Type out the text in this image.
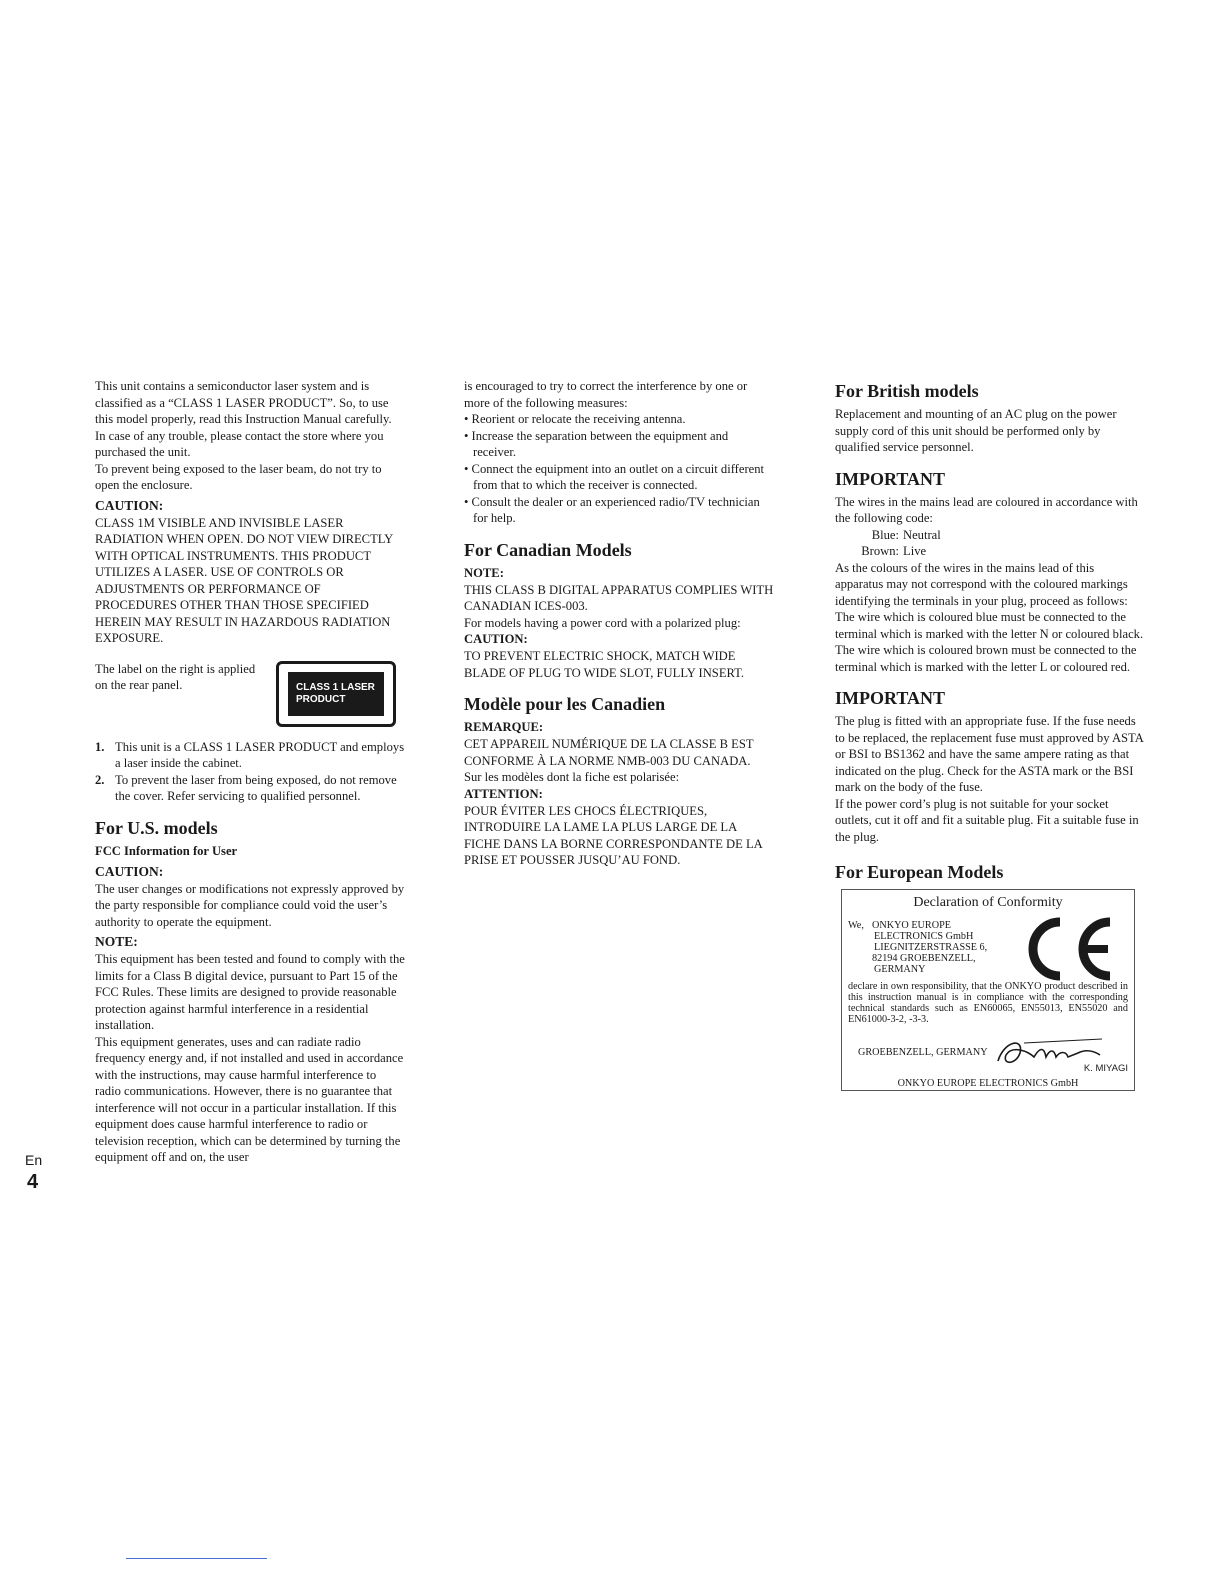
This unit contains a semiconductor laser system and is classified as a “CLASS 1 LASER PRODUCT”. So, to use this model properly, read this Instruction Manual carefully. In case of any trouble, please contact the store where you purchased the unit.

To prevent being exposed to the laser beam, do not try to open the enclosure.

CAUTION:

CLASS 1M VISIBLE AND INVISIBLE LASER RADIATION WHEN OPEN. DO NOT VIEW DIRECTLY WITH OPTICAL INSTRUMENTS. THIS PRODUCT UTILIZES A LASER. USE OF CONTROLS OR ADJUSTMENTS OR PERFORMANCE OF PROCEDURES OTHER THAN THOSE SPECIFIED HEREIN MAY RESULT IN HAZARDOUS RADIATION EXPOSURE.

The label on the right is applied on the rear panel.	CLASS 1 LASER
PRODUCT
1. This unit is a CLASS 1 LASER PRODUCT and employs a laser inside the cabinet.
2. To prevent the laser from being exposed, do not remove the cover. Refer servicing to qualified personnel.
For U.S. models
FCC Information for User
CAUTION:

The user changes or modifications not expressly approved by the party responsible for compliance could void the user’s authority to operate the equipment.

NOTE:

This equipment has been tested and found to comply with the limits for a Class B digital device, pursuant to Part 15 of the FCC Rules. These limits are designed to provide reasonable protection against harmful interference in a residential installation.

This equipment generates, uses and can radiate radio frequency energy and, if not installed and used in accordance with the instructions, may cause harmful interference to radio communications. However, there is no guarantee that interference will not occur in a particular installation. If this equipment does cause harmful interference to radio or television reception, which can be determined by turning the equipment off and on, the user

is encouraged to try to correct the interference by one or more of the following measures:

• Reorient or relocate the receiving antenna.

• Increase the separation between the equipment and receiver.

• Connect the equipment into an outlet on a circuit different from that to which the receiver is connected.

• Consult the dealer or an experienced radio/TV technician for help.

For Canadian Models
NOTE:

THIS CLASS B DIGITAL APPARATUS COMPLIES WITH CANADIAN ICES-003.

For models having a power cord with a polarized plug:

CAUTION:

TO PREVENT ELECTRIC SHOCK, MATCH WIDE BLADE OF PLUG TO WIDE SLOT, FULLY INSERT.

Modèle pour les Canadien
REMARQUE:

CET APPAREIL NUMÉRIQUE DE LA CLASSE B EST CONFORME À LA NORME NMB-003 DU CANADA.

Sur les modèles dont la fiche est polarisée:

ATTENTION:

POUR ÉVITER LES CHOCS ÉLECTRIQUES, INTRODUIRE LA LAME LA PLUS LARGE DE LA FICHE DANS LA BORNE CORRESPONDANTE DE LA PRISE ET POUSSER JUSQU’AU FOND.

For British models

Replacement and mounting of an AC plug on the power supply cord of this unit should be performed only by qualified service personnel.

IMPORTANT

The wires in the mains lead are coloured in accordance with the following code:

Blue: Neutral
Brown: Live

As the colours of the wires in the mains lead of this apparatus may not correspond with the coloured markings identifying the terminals in your plug, proceed as follows:

The wire which is coloured blue must be connected to the terminal which is marked with the letter N or coloured black.

The wire which is coloured brown must be connected to the terminal which is marked with the letter L or coloured red.

IMPORTANT

The plug is fitted with an appropriate fuse. If the fuse needs to be replaced, the replacement fuse must approved by ASTA or BSI to BS1362 and have the same ampere rating as that indicated on the plug. Check for the ASTA mark or the BSI mark on the body of the fuse.

If the power cord’s plug is not suitable for your socket outlets, cut it off and fit a suitable plug. Fit a suitable fuse in the plug.

For European Models
Declaration of Conformity
We, ONKYO EUROPE
ELECTRONICS GmbH
LIEGNITZERSTRASSE 6,
82194 GROEBENZELL,
GERMANY

declare in own responsibility, that the ONKYO product described in this instruction manual is in compliance with the corresponding technical standards such as EN60065, EN55013, EN55020 and EN61000-3-2, -3-3.

GROEBENZELL, GERMANY
K. MIYAGI
ONKYO EUROPE ELECTRONICS GmbH
En
4
